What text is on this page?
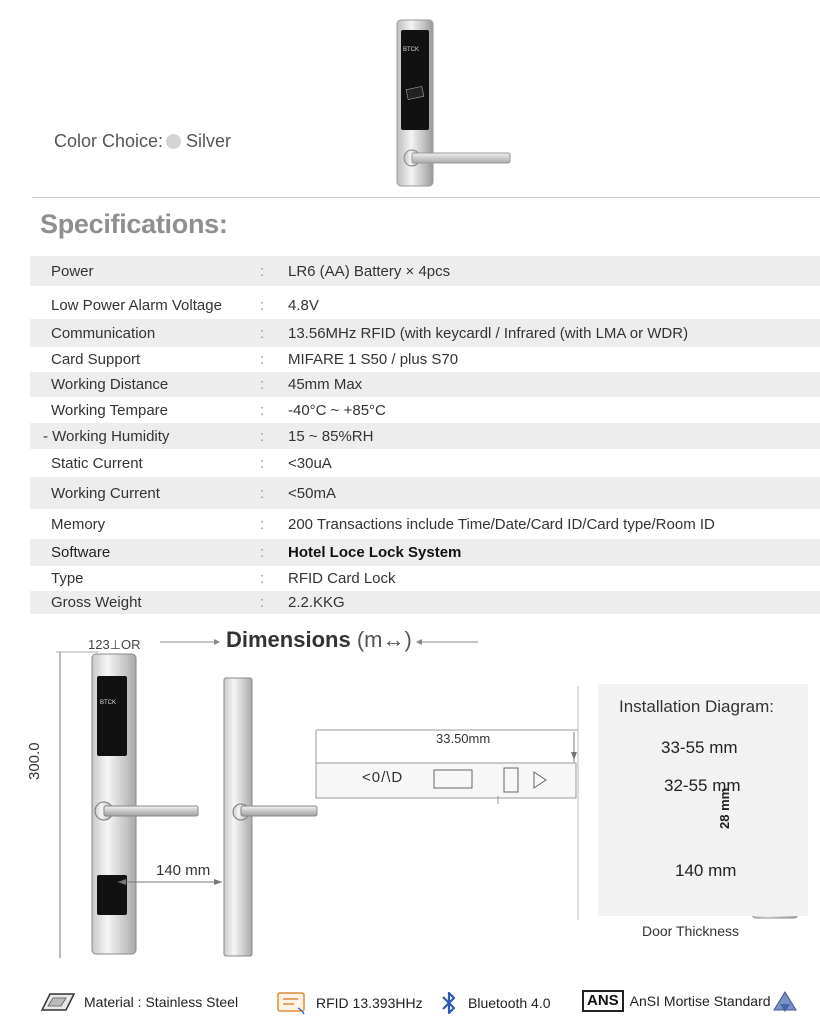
Color Choice: Silver
BTCK
Specifications:
Power	: LR6 (AA) Battery × 4pcs
Low Power Alarm Voltage	: 4.8V
Communication	: 13.56MHz RFID (with keycardl / Infrared (with LMA or WDR)
Card Support	: MIFARE 1 S50 / plus S70
Working Distance	: 45mm Max
Working Tempare	: -40°C ~ +85°C
- Working Humidity	: 15 ~ 85%RH
Static Current	: <30uA
Working Current	: <50mA
Memory	: 200 Transactions include Time/Date/Card ID/Card type/Room ID
Software	: Hotel Loce Lock System
Type	: RFID Card Lock
Gross Weight	: 2.2.KKG
123⊥OR	Dimensions (m↔)
BTCK
300.0
140 mm
33.50mm
<0/\D
Installation Diagram:
33-55 mm
32-55 mm
140 mm
28 mm
Door Thickness
Material : Stainless Steel	RFID 13.393HHz	Bluetooth 4.0	ANS AnSI Mortise Standard
